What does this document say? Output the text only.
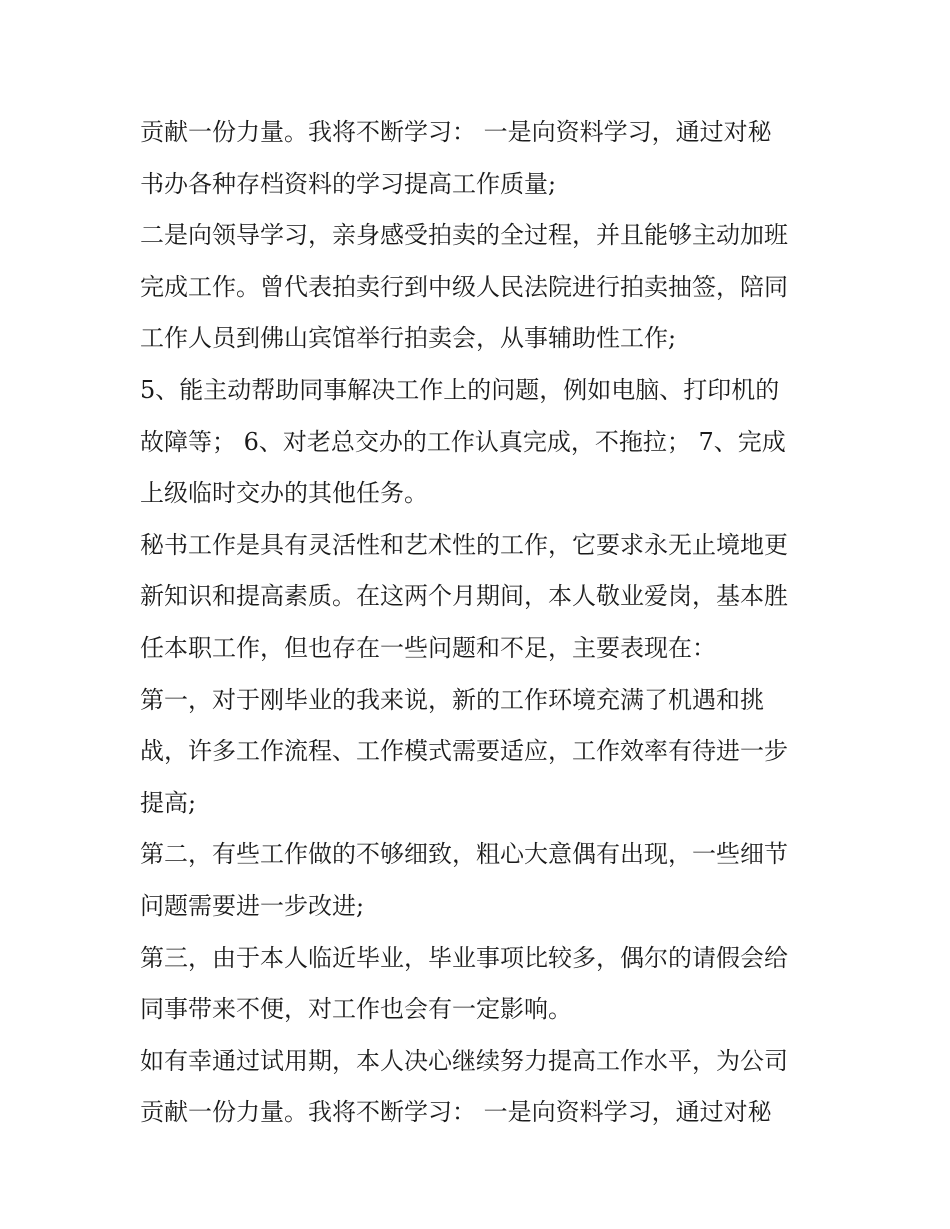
贡献一份力量。我将不断学习： 一是向资料学习，通过对秘
书办各种存档资料的学习提高工作质量;
二是向领导学习，亲身感受拍卖的全过程，并且能够主动加班
完成工作。曾代表拍卖行到中级人民法院进行拍卖抽签，陪同
工作人员到佛山宾馆举行拍卖会，从事辅助性工作;
5、能主动帮助同事解决工作上的问题，例如电脑、打印机的
故障等； 6、对老总交办的工作认真完成，不拖拉； 7、完成
上级临时交办的其他任务。
秘书工作是具有灵活性和艺术性的工作，它要求永无止境地更
新知识和提高素质。在这两个月期间，本人敬业爱岗，基本胜
任本职工作，但也存在一些问题和不足，主要表现在：
第一，对于刚毕业的我来说，新的工作环境充满了机遇和挑
战，许多工作流程、工作模式需要适应，工作效率有待进一步
提高;
第二，有些工作做的不够细致，粗心大意偶有出现，一些细节
问题需要进一步改进;
第三，由于本人临近毕业，毕业事项比较多，偶尔的请假会给
同事带来不便，对工作也会有一定影响。
如有幸通过试用期，本人决心继续努力提高工作水平，为公司
贡献一份力量。我将不断学习： 一是向资料学习，通过对秘
